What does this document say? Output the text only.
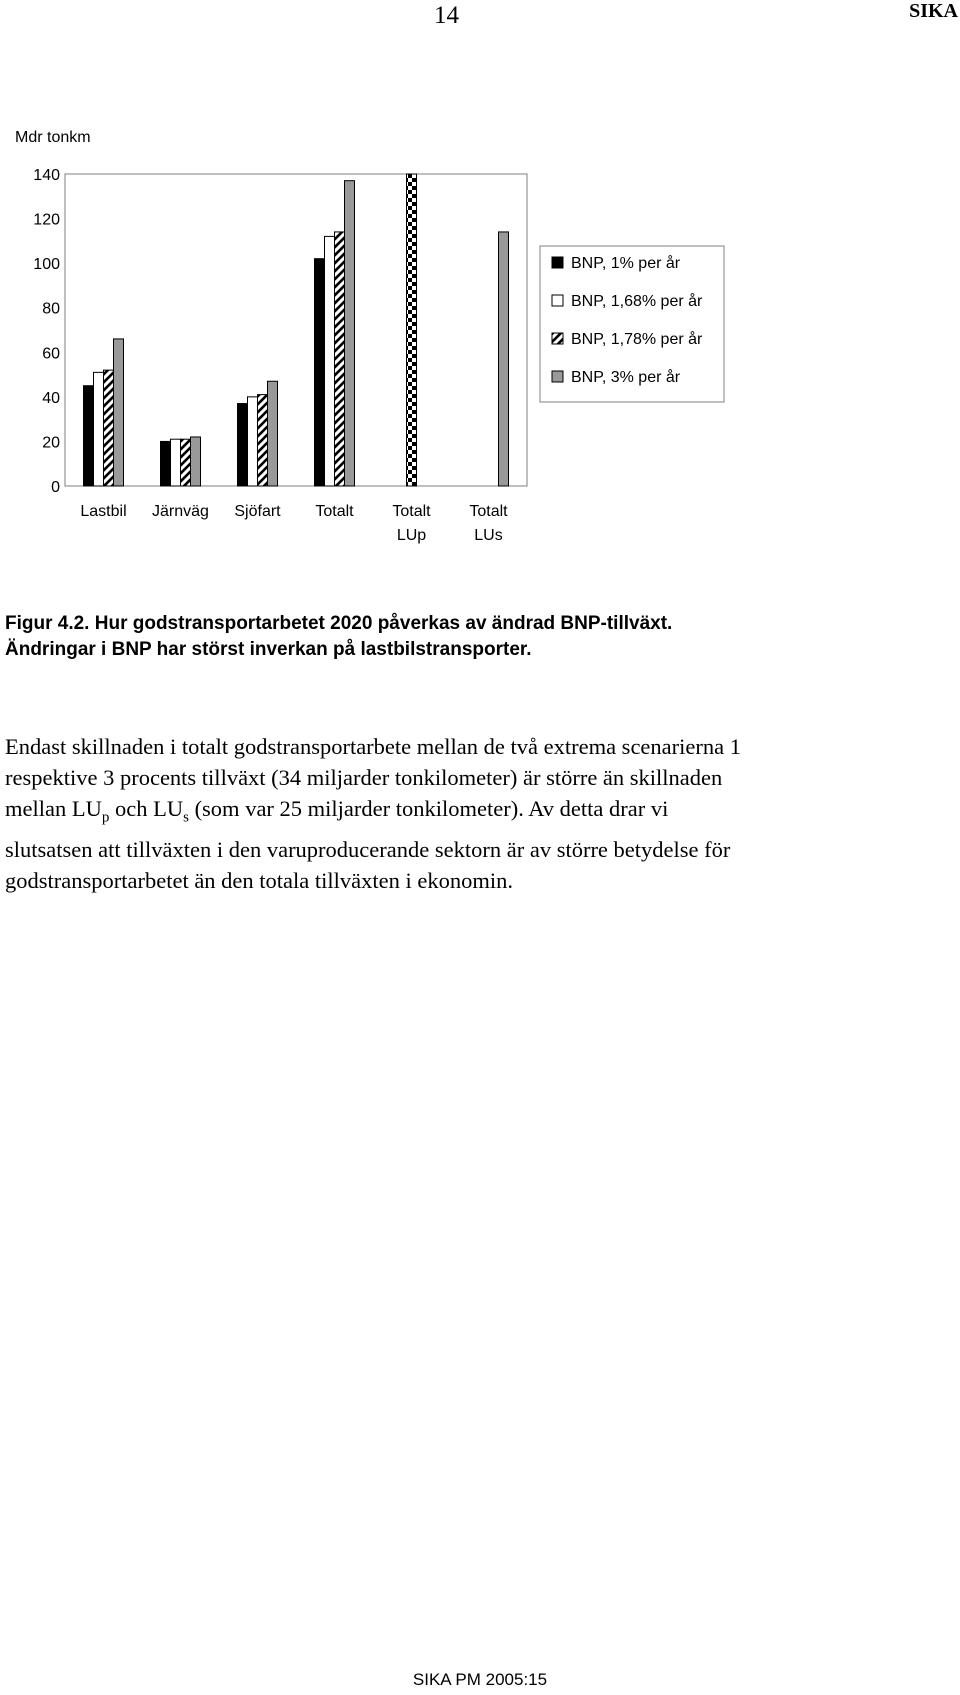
14	SIKA
Mdr tonkm
0
20
40
60
80
100
120
140
Lastbil Järnväg Sjöfart Totalt Totalt
LUp
Totalt
LUs
BNP, 1% per år
BNP, 1,68% per år
BNP, 1,78% per år
BNP, 3% per år
Figur 4.2. Hur godstransportarbetet 2020 påverkas av ändrad BNP-tillväxt.
Ändringar i BNP har störst inverkan på lastbilstransporter.
Endast skillnaden i totalt godstransportarbete mellan de två extrema scenarierna 1
respektive 3 procents tillväxt (34 miljarder tonkilometer) är större än skillnaden
mellan $LU_p$ och $LU_s$ (som var 25 miljarder tonkilometer). Av detta drar vi
slutsatsen att tillväxten i den varuproducerande sektorn är av större betydelse för
godstransportarbetet än den totala tillväxten i ekonomin.
SIKA PM 2005:15
